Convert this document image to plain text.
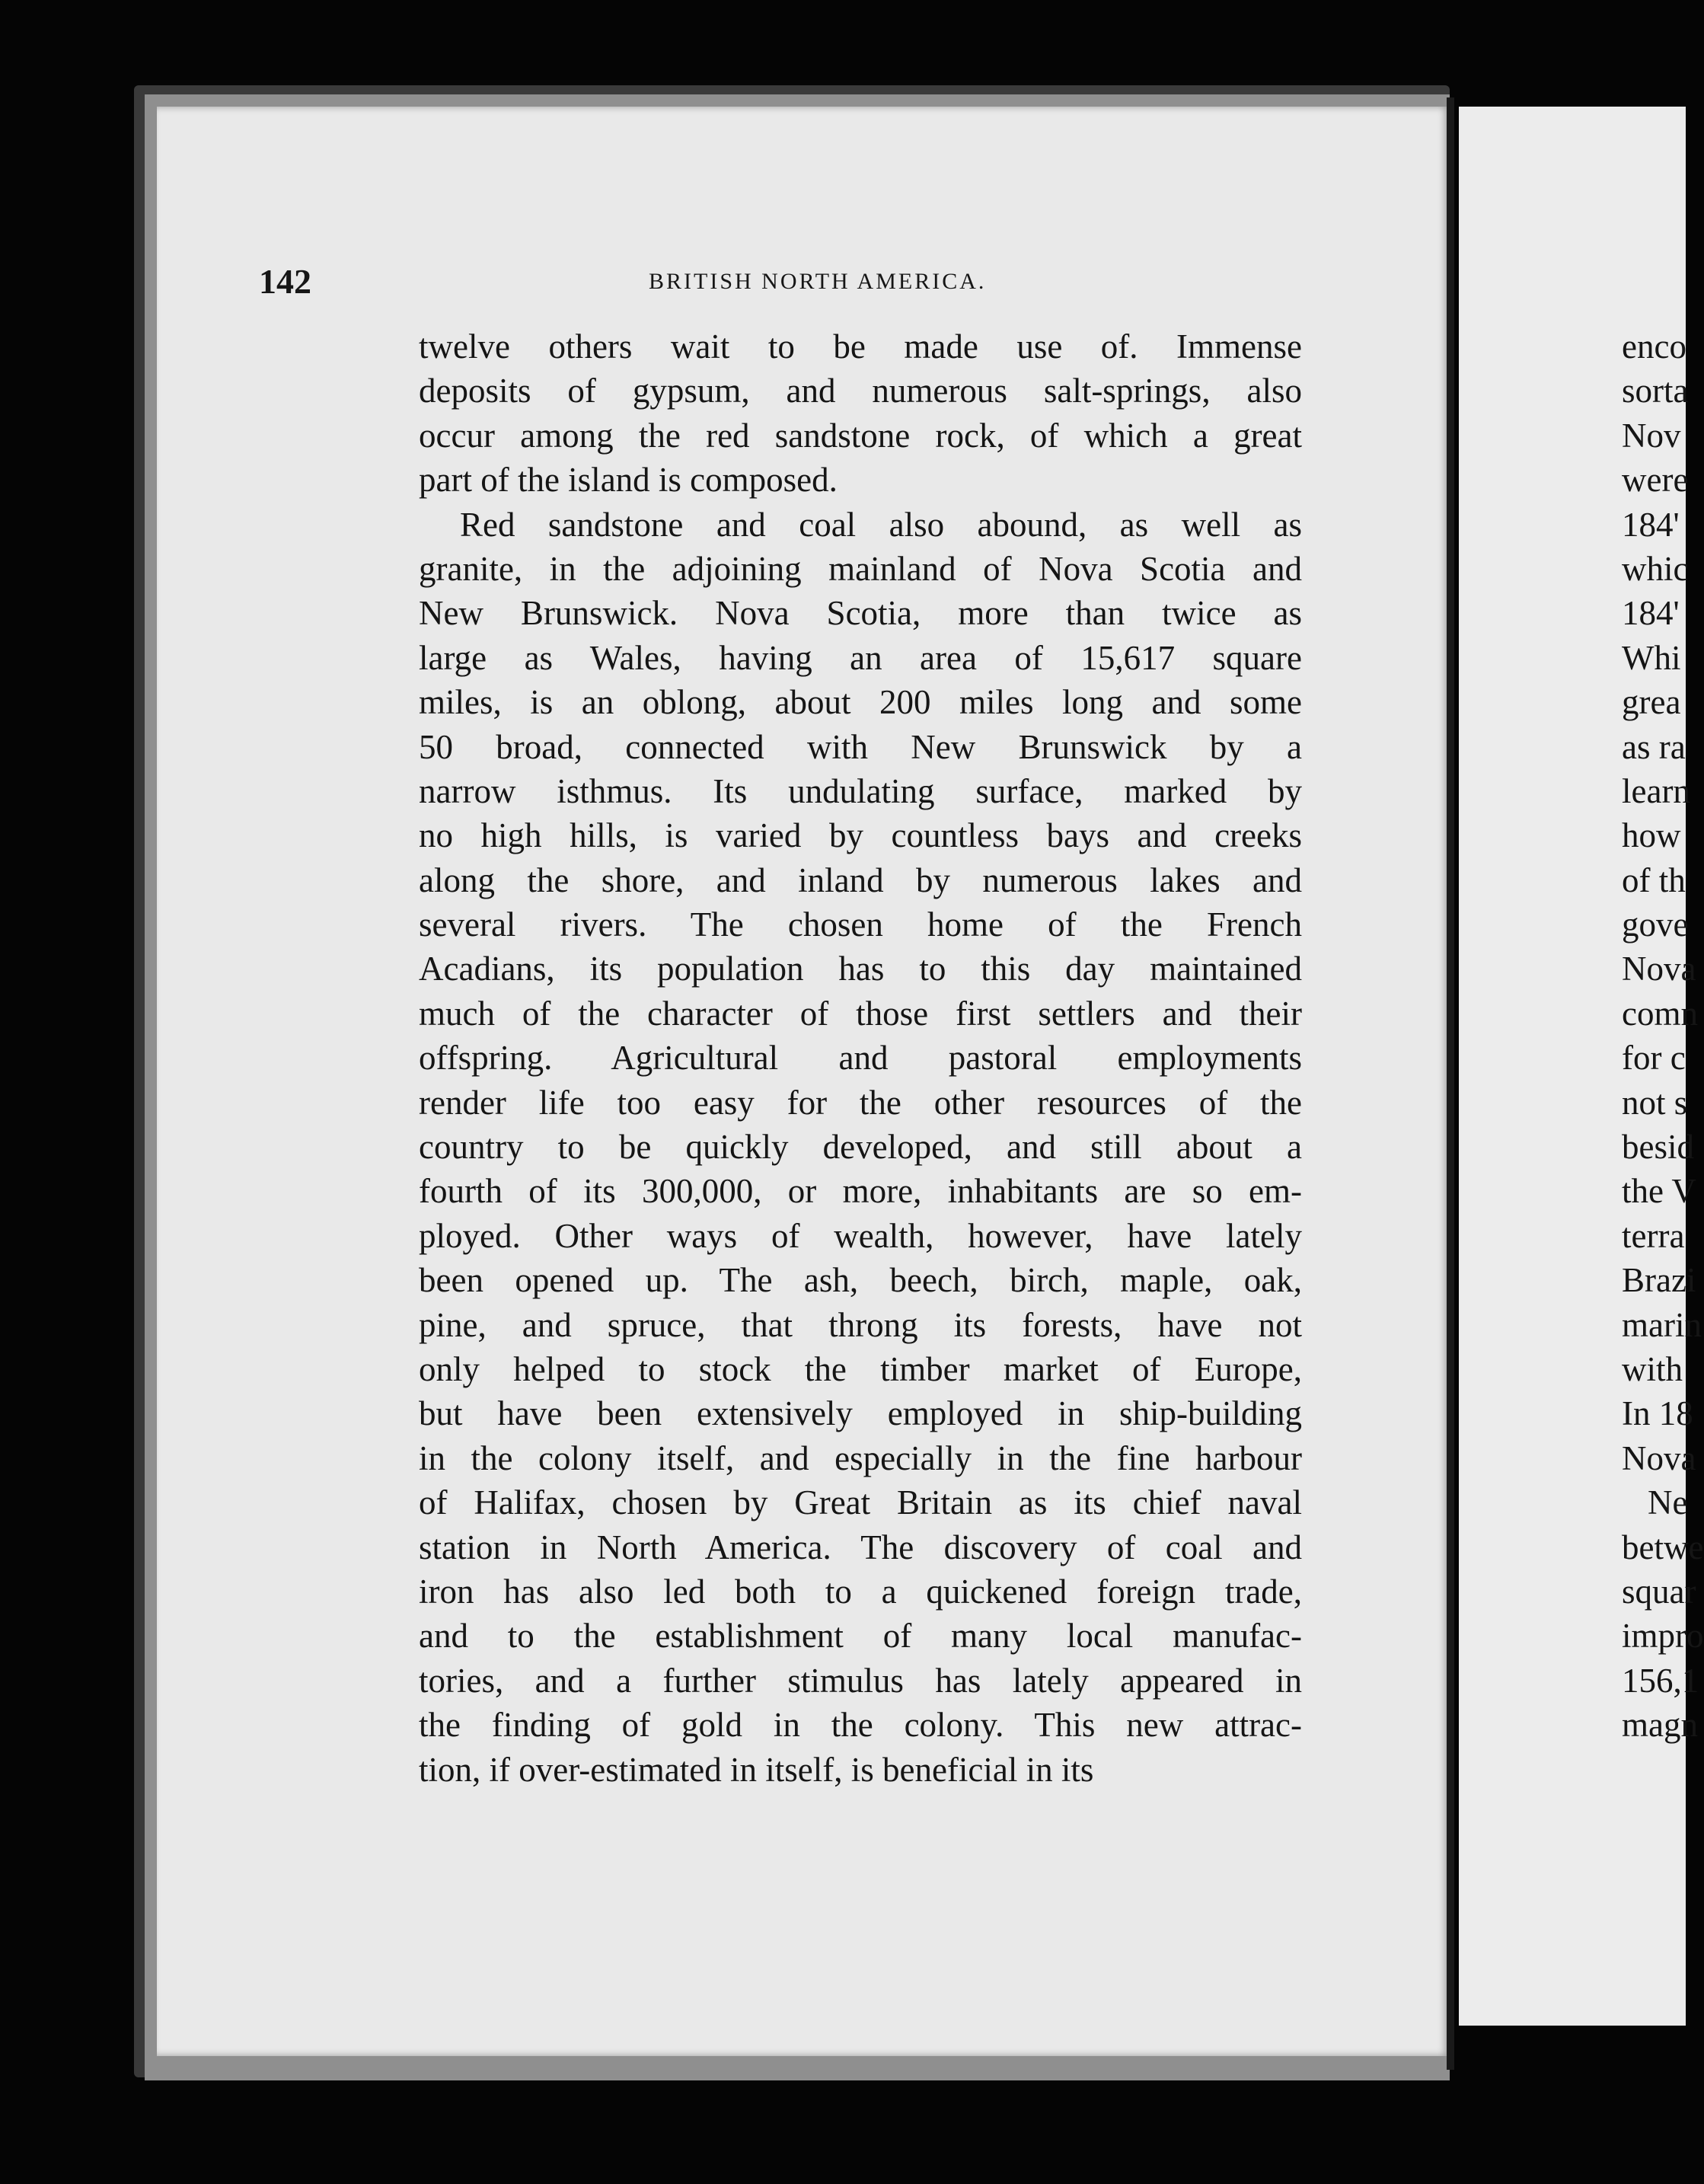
142	BRITISH NORTH AMERICA.
twelve others wait to be made use of. Immense
deposits of gypsum, and numerous salt-springs, also
occur among the red sandstone rock, of which a great
part of the island is composed.
Red sandstone and coal also abound, as well as
granite, in the adjoining mainland of Nova Scotia and
New Brunswick. Nova Scotia, more than twice as
large as Wales, having an area of 15,617 square
miles, is an oblong, about 200 miles long and some
50 broad, connected with New Brunswick by a
narrow isthmus. Its undulating surface, marked by
no high hills, is varied by countless bays and creeks
along the shore, and inland by numerous lakes and
several rivers. The chosen home of the French
Acadians, its population has to this day maintained
much of the character of those first settlers and their
offspring. Agricultural and pastoral employments
render life too easy for the other resources of the
country to be quickly developed, and still about a
fourth of its 300,000, or more, inhabitants are so em-
ployed. Other ways of wealth, however, have lately
been opened up. The ash, beech, birch, maple, oak,
pine, and spruce, that throng its forests, have not
only helped to stock the timber market of Europe,
but have been extensively employed in ship-building
in the colony itself, and especially in the fine harbour
of Halifax, chosen by Great Britain as its chief naval
station in North America. The discovery of coal and
iron has also led both to a quickened foreign trade,
and to the establishment of many local manufac-
tories, and a further stimulus has lately appeared in
the finding of gold in the colony. This new attrac-
tion, if over-estimated in itself, is beneficial in its
enco
sorta
Nov
were
184'
whic
184'
Whi
grea
as ra
learn
how
of th
gove
Nova
comn
for c
not s
besid
the V
terra
Brazi
marin
with
In 18
Nova
Ne
betwe
squar
impro
156,1
magn
